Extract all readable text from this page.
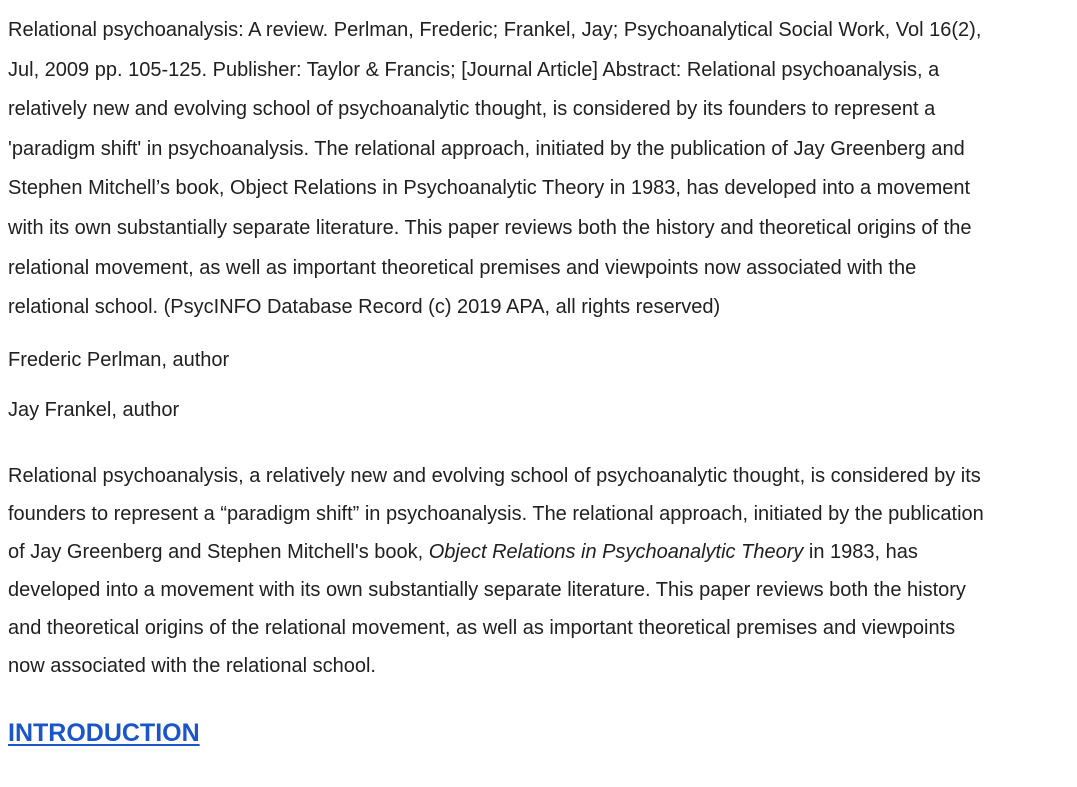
Relational psychoanalysis: A review. Perlman, Frederic; Frankel, Jay; Psychoanalytical Social Work, Vol 16(2),
Jul, 2009 pp. 105-125. Publisher: Taylor & Francis; [Journal Article] Abstract: Relational psychoanalysis, a
relatively new and evolving school of psychoanalytic thought, is considered by its founders to represent a
'paradigm shift' in psychoanalysis. The relational approach, initiated by the publication of Jay Greenberg and
Stephen Mitchell’s book, Object Relations in Psychoanalytic Theory in 1983, has developed into a movement
with its own substantially separate literature. This paper reviews both the history and theoretical origins of the
relational movement, as well as important theoretical premises and viewpoints now associated with the
relational school. (PsycINFO Database Record (c) 2019 APA, all rights reserved)

Frederic Perlman, author

Jay Frankel, author

Relational psychoanalysis, a relatively new and evolving school of psychoanalytic thought, is considered by its
founders to represent a “paradigm shift” in psychoanalysis. The relational approach, initiated by the publication
of Jay Greenberg and Stephen Mitchell's book, Object Relations in Psychoanalytic Theory in 1983, has
developed into a movement with its own substantially separate literature. This paper reviews both the history
and theoretical origins of the relational movement, as well as important theoretical premises and viewpoints
now associated with the relational school.

INTRODUCTION
